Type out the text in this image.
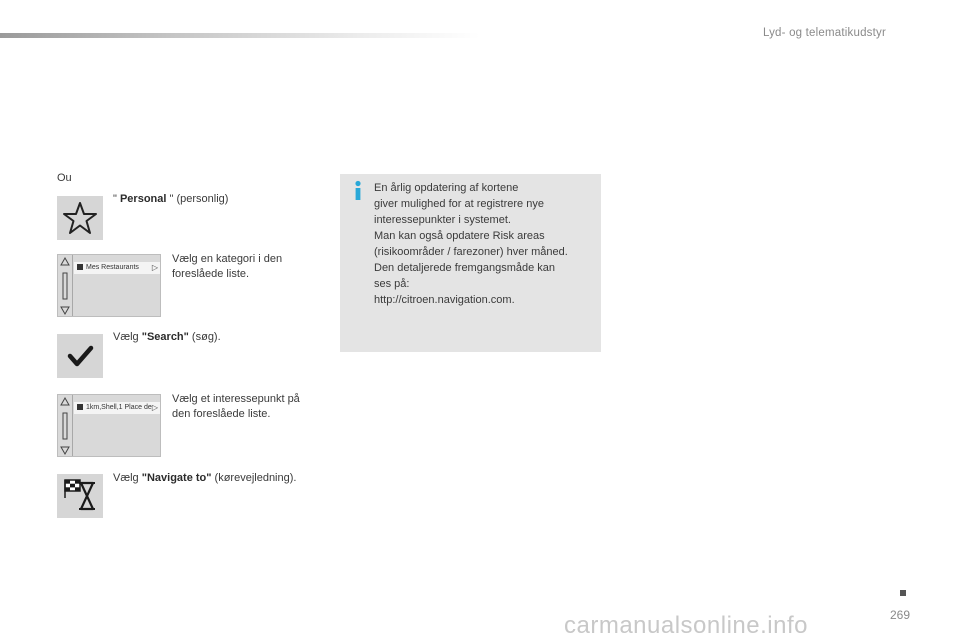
Lyd- og telematikudstyr
Ou
" Personal " (personlig)
Mes Restaurants	▷
Vælg en kategori i den
foreslåede liste.
Vælg "Search" (søg).
1km,Shell,1 Place de ▷
Vælg et interessepunkt på
den foreslåede liste.
Vælg "Navigate to" (kørevejledning).
En årlig opdatering af kortene
giver mulighed for at registrere nye
interessepunkter i systemet.
Man kan også opdatere Risk areas
(risikoområder / farezoner) hver måned.
Den detaljerede fremgangsmåde kan
ses på:
http://citroen.navigation.com.
269
carmanualsonline.info
